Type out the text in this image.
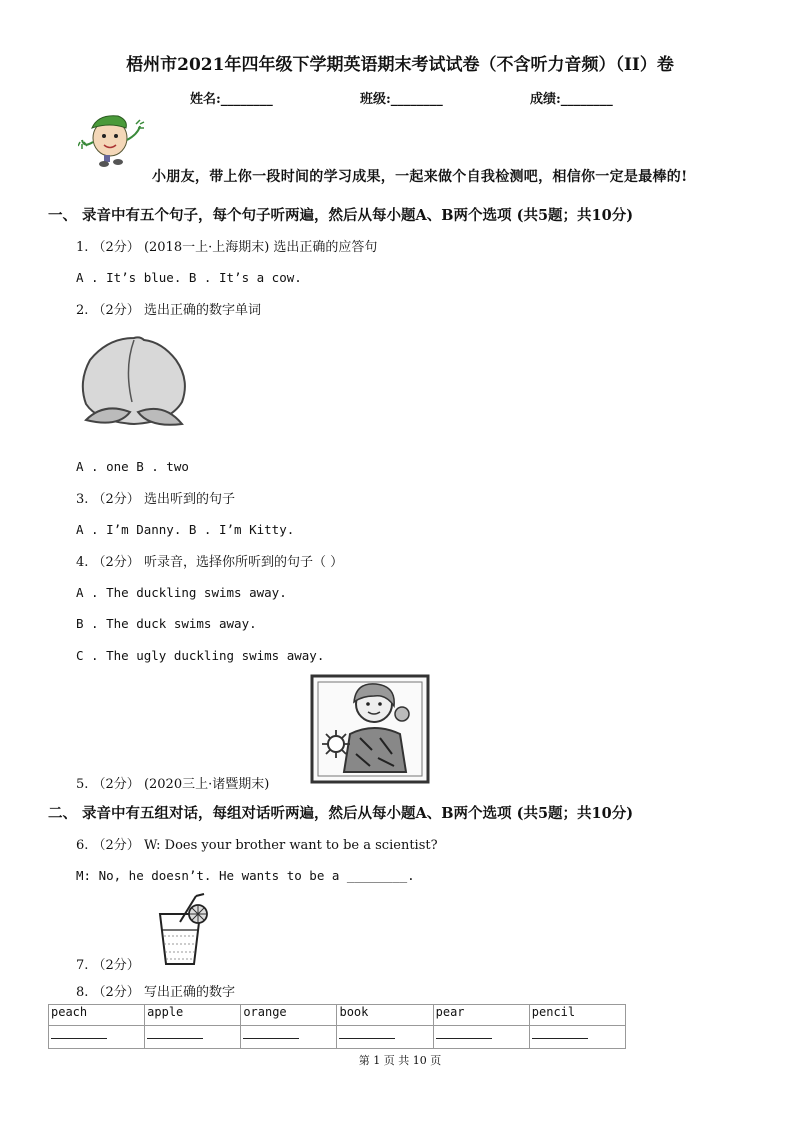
梧州市2021年四年级下学期英语期末考试试卷（不含听力音频）（II）卷
姓名:________	班级:________	成绩:________
小朋友，带上你一段时间的学习成果，一起来做个自我检测吧，相信你一定是最棒的!
一、 录音中有五个句子，每个句子听两遍，然后从每小题A、B两个选项 (共5题；共10分)
1. （2分） (2018一上·上海期末) 选出正确的应答句
A . It’s blue. B . It’s a cow.
2. （2分） 选出正确的数字单词
A . one B . two
3. （2分） 选出听到的句子
A . I’m Danny. B . I’m Kitty.
4. （2分） 听录音，选择你所听到的句子（ ）
A . The duckling swims away.
B . The duck swims away.
C . The ugly duckling swims away.
5. （2分） (2020三上·诸暨期末)
二、 录音中有五组对话，每组对话听两遍，然后从每小题A、B两个选项 (共5题；共10分)
6. （2分） W: Does your brother want to be a scientist?
M: No, he doesn’t. He wants to be a ________.
7. （2分）
8. （2分） 写出正确的数字
peach	apple	orange	book	pear	pencil

第 1 页 共 10 页
